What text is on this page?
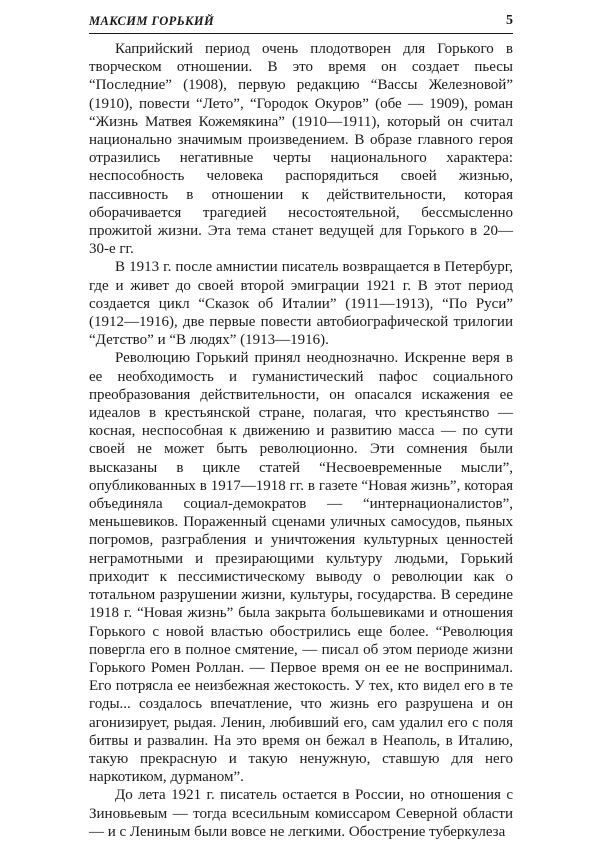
МАКСИМ ГОРЬКИЙ	5

Каприйский период очень плодотворен для Горького в творческом отношении. В это время он создает пьесы “Последние” (1908), первую редакцию “Вассы Железновой” (1910), повести “Лето”, “Городок Окуров” (обе — 1909), роман “Жизнь Матвея Кожемякина” (1910—1911), который он считал национально значимым произведением. В образе главного героя отразились негативные черты национального характера: неспособность человека распорядиться своей жизнью, пассивность в отношении к действительности, которая оборачивается трагедией несостоятельной, бессмысленно прожитой жизни. Эта тема станет ведущей для Горького в 20—30-е гг.

В 1913 г. после амнистии писатель возвращается в Петербург, где и живет до своей второй эмиграции 1921 г. В этот период создается цикл “Сказок об Италии” (1911—1913), “По Руси” (1912—1916), две первые повести автобиографической трилогии “Детство” и “В людях” (1913—1916).

Революцию Горький принял неоднозначно. Искренне веря в ее необходимость и гуманистический пафос социального преобразования действительности, он опасался искажения ее идеалов в крестьянской стране, полагая, что крестьянство — косная, неспособная к движению и развитию масса — по сути своей не может быть революционно. Эти сомнения были высказаны в цикле статей “Несвоевременные мысли”, опубликованных в 1917—1918 гг. в газете “Новая жизнь”, которая объединяла социал-демократов — “интернационалистов”, меньшевиков. Пораженный сценами уличных самосудов, пьяных погромов, разграбления и уничтожения культурных ценностей неграмотными и презирающими культуру людьми, Горький приходит к пессимистическому выводу о революции как о тотальном разрушении жизни, культуры, государства. В середине 1918 г. “Новая жизнь” была закрыта большевиками и отношения Горького с новой властью обострились еще более. “Революция повергла его в полное смятение, — писал об этом периоде жизни Горького Ромен Роллан. — Первое время он ее не воспринимал. Его потрясла ее неизбежная жестокость. У тех, кто видел его в те годы... создалось впечатление, что жизнь его разрушена и он агонизирует, рыдая. Ленин, любивший его, сам удалил его с поля битвы и развалин. На это время он бежал в Неаполь, в Италию, такую прекрасную и такую ненужную, ставшую для него наркотиком, дурманом”.

До лета 1921 г. писатель остается в России, но отношения с Зиновьевым — тогда всесильным комиссаром Северной области — и с Лениным были вовсе не легкими. Обострение туберкулеза
